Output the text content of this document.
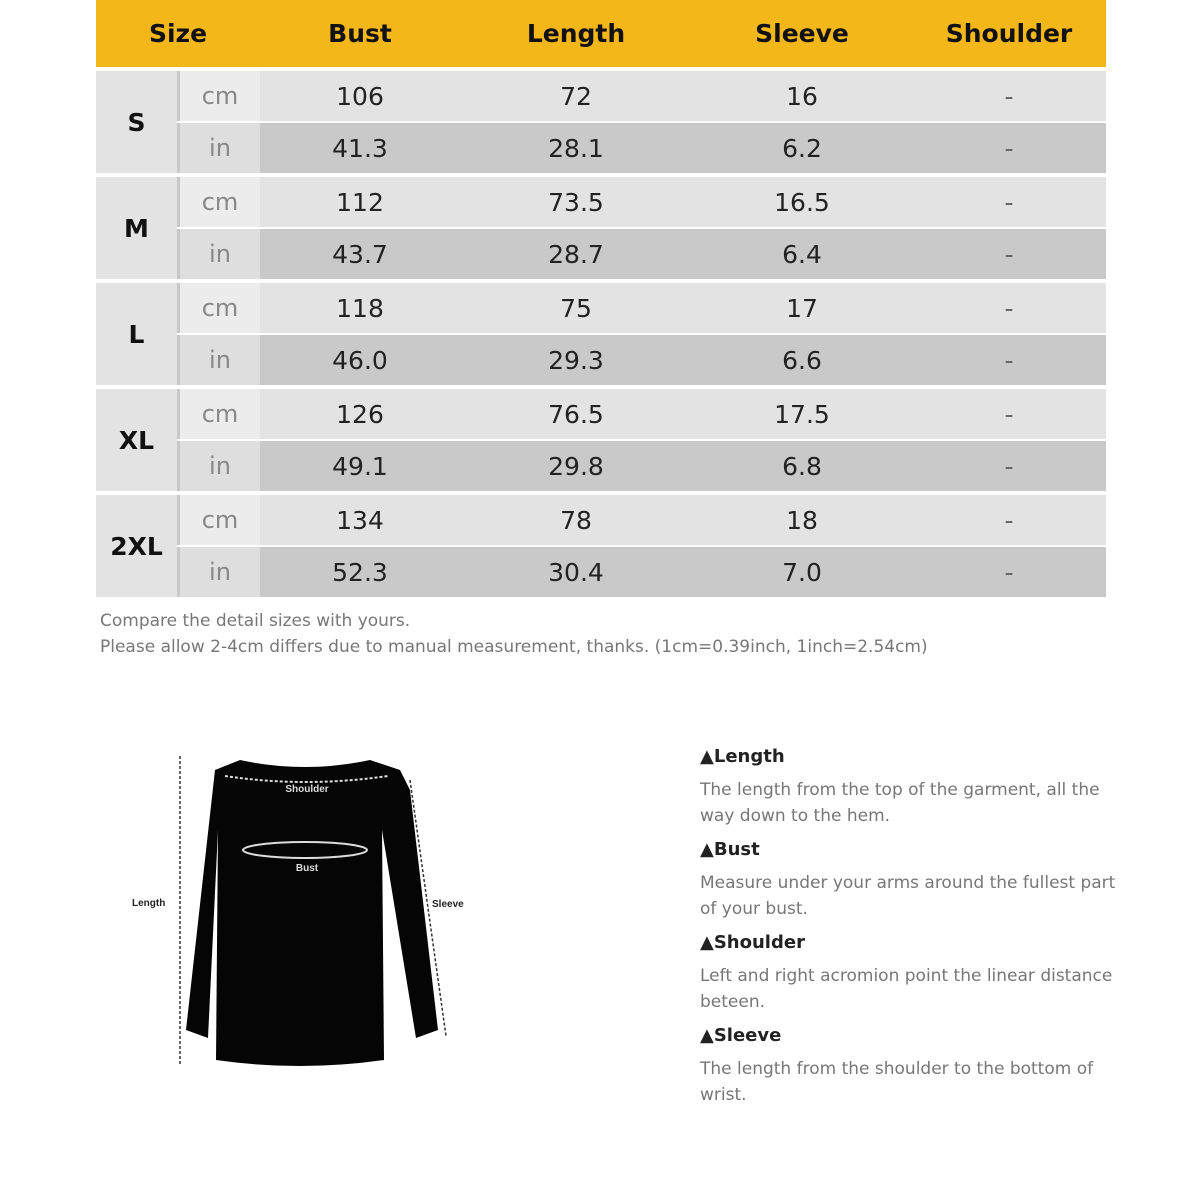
Size	Bust	Length	Sleeve	Shoulder
S
cm	106	72	16	-
in	41.3	28.1	6.2	-
M
cm	112	73.5	16.5	-
in	43.7	28.7	6.4	-
L
cm	118	75	17	-
in	46.0	29.3	6.6	-
XL
cm	126	76.5	17.5	-
in	49.1	29.8	6.8	-
2XL
cm	134	78	18	-
in	52.3	30.4	7.0	-
Compare the detail sizes with yours.
Please allow 2-4cm differs due to manual measurement, thanks. (1cm=0.39inch, 1inch=2.54cm)
Shoulder
Bust
Length	Sleeve
▲Length
The length from the top of the garment, all the way down to the hem.
▲Bust
Measure under your arms around the fullest part of your bust.
▲Shoulder
Left and right acromion point the linear distance beteen.
▲Sleeve
The length from the shoulder to the bottom of wrist.
